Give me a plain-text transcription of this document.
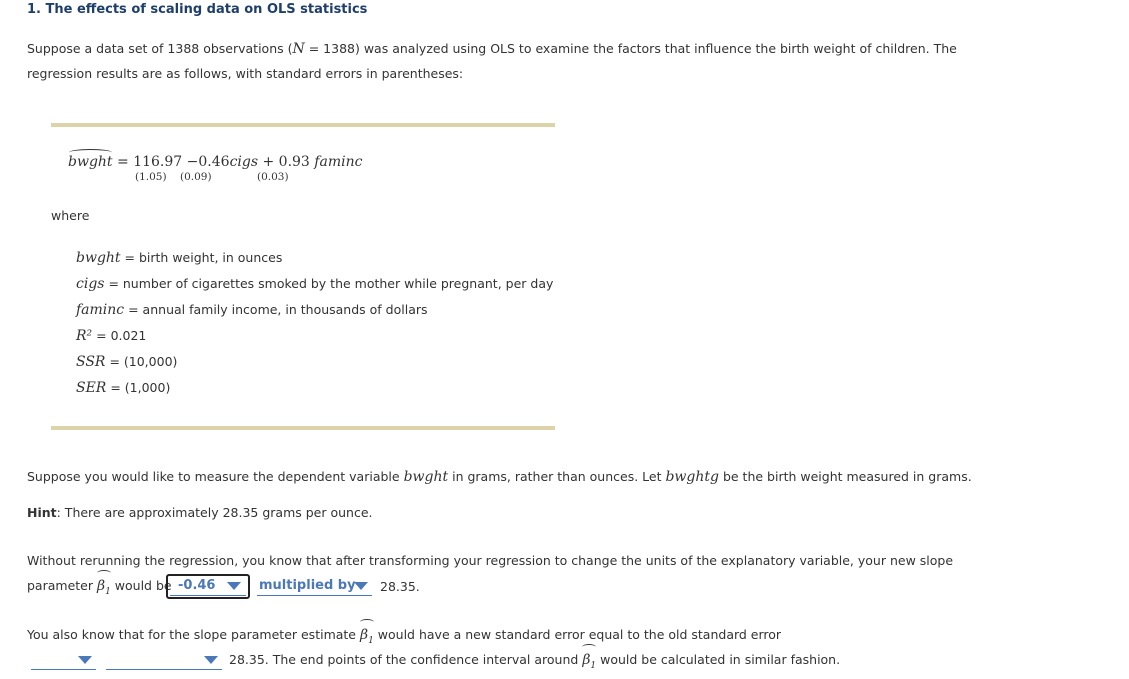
1. The effects of scaling data on OLS statistics
Suppose a data set of 1388 observations (N = 1388) was analyzed using OLS to examine the factors that influence the birth weight of children. The
regression results are as follows, with standard errors in parentheses:
bwght = 116.97 −0.46cigs + 0.93 faminc
(1.05) (0.09)	(0.03)
where
bwght = birth weight, in ounces
cigs = number of cigarettes smoked by the mother while pregnant, per day
faminc = annual family income, in thousands of dollars
R² = 0.021
SSR = (10,000)
SER = (1,000)
Suppose you would like to measure the dependent variable bwght in grams, rather than ounces. Let bwghtg be the birth weight measured in grams.
Hint: There are approximately 28.35 grams per ounce.
Without rerunning the regression, you know that after transforming your regression to change the units of the explanatory variable, your new slope
parameter $\beta_1$ would be -0.46	multiplied by 28.35.
You also know that for the slope parameter estimate $\beta_1$ would have a new standard error equal to the old standard error
28.35. The end points of the confidence interval around $\beta_1$ would be calculated in similar fashion.
